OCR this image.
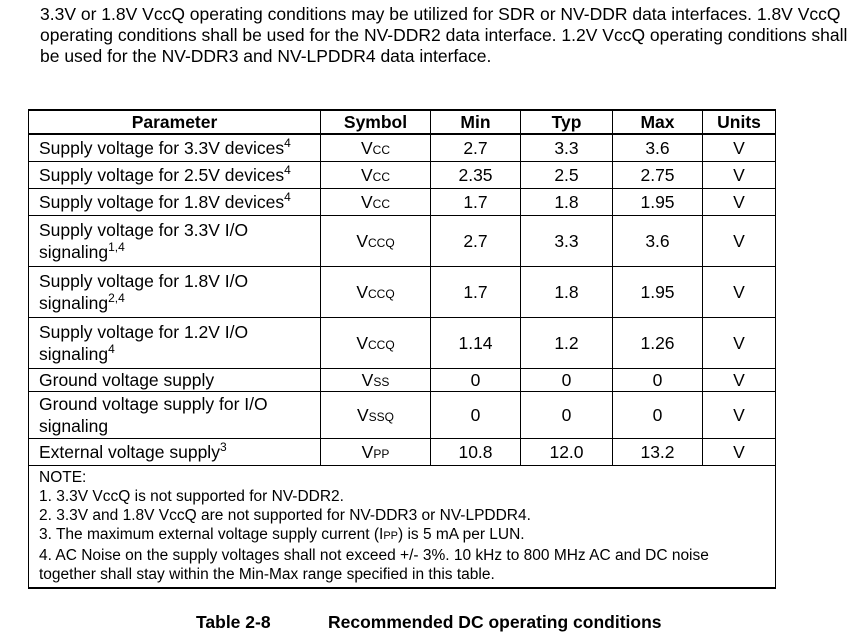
3.3V or 1.8V VccQ operating conditions may be utilized for SDR or NV-DDR data interfaces. 1.8V VccQ operating conditions shall be used for the NV-DDR2 data interface. 1.2V VccQ operating conditions shall be used for the NV-DDR3 and NV-LPDDR4 data interface.
Parameter	Symbol	Min	Typ	Max	Units
Supply voltage for 3.3V devices$^4$	VCC	2.7	3.3	3.6	V
Supply voltage for 2.5V devices$^4$	VCC	2.35	2.5	2.75	V
Supply voltage for 1.8V devices$^4$	VCC	1.7	1.8	1.95	V

Supply voltage for 3.3V I/O
signaling$^{1,4}$	VCCQ	2.7	3.3	3.6	V

Supply voltage for 1.8V I/O
signaling$^{2,4}$	VCCQ	1.7	1.8	1.95	V

Supply voltage for 1.2V I/O
signaling$^4$	VCCQ	1.14	1.2	1.26	V
Ground voltage supply	VSS	0	0	0	V

Ground voltage supply for I/O
signaling	VSSQ	0	0	0	V
External voltage supply$^3$	VPP	10.8	12.0	13.2	V

NOTE:
1. 3.3V VccQ is not supported for NV-DDR2.
2. 3.3V and 1.8V VccQ are not supported for NV-DDR3 or NV-LPDDR4.
3. The maximum external voltage supply current (IPP) is 5 mA per LUN.
4. AC Noise on the supply voltages shall not exceed +/- 3%. 10 kHz to 800 MHz AC and DC noise together shall stay within the Min-Max range specified in this table.					
Table 2-8	Recommended DC operating conditions
